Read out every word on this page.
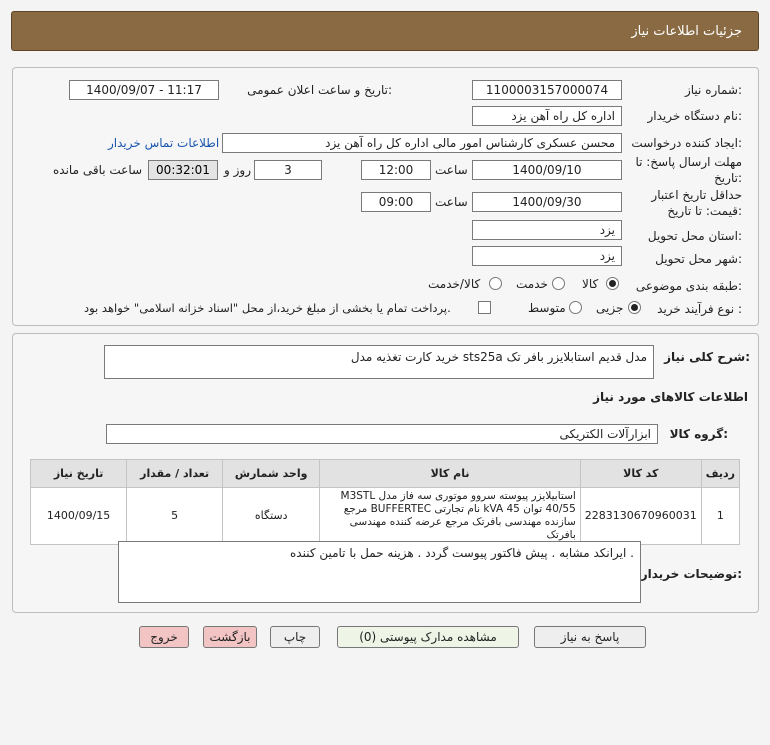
جزئیات اطلاعات نیاز
شماره نیاز:
1100003157000074
تاریخ و ساعت اعلان عمومی:
1400/09/07 - 11:17
نام دستگاه خریدار:
اداره کل راه آهن یزد
ایجاد کننده درخواست:
محسن عسکری کارشناس امور مالی اداره کل راه آهن یزد
اطلاعات تماس خریدار
مهلت ارسال پاسخ: تا
تاریخ:
1400/09/10
ساعت
12:00
3
روز و
00:32:01
ساعت باقی مانده
حداقل تاریخ اعتبار
قیمت: تا تاریخ:
1400/09/30
ساعت
09:00
استان محل تحویل:
یزد
شهر محل تحویل:
یزد
طبقه بندی موضوعی:
کالا
خدمت
کالا/خدمت
نوع فرآیند خرید :
جزیی
متوسط
پرداخت تمام یا بخشی از مبلغ خرید،از محل "اسناد خزانه اسلامی" خواهد بود.
شرح کلی نیاز:
خرید کارت تغذیه مدل sts25a مدل قدیم استابلایزر بافر تک
اطلاعات کالاهای مورد نیاز
گروه کالا:
ابزارآلات الکتریکی
ردیف	کد کالا	نام کالا	واحد شمارش	تعداد / مقدار	تاریخ نیاز
1	2283130670960031	استابیلایزر پیوسته سروو موتوری سه فاز مدل M3STL 40/55 توان 45 kVA نام تجارتی BUFFERTEC مرجع سازنده مهندسی بافرتک مرجع عرضه کننده مهندسی بافرتک	دستگاه	5	1400/09/15
توضیحات خریدار:
ایرانکد مشابه . پیش فاکتور پیوست گردد . هزینه حمل با تامین کننده .
پاسخ به نیاز
مشاهده مدارک پیوستی (0)
چاپ
بازگشت
خروج
